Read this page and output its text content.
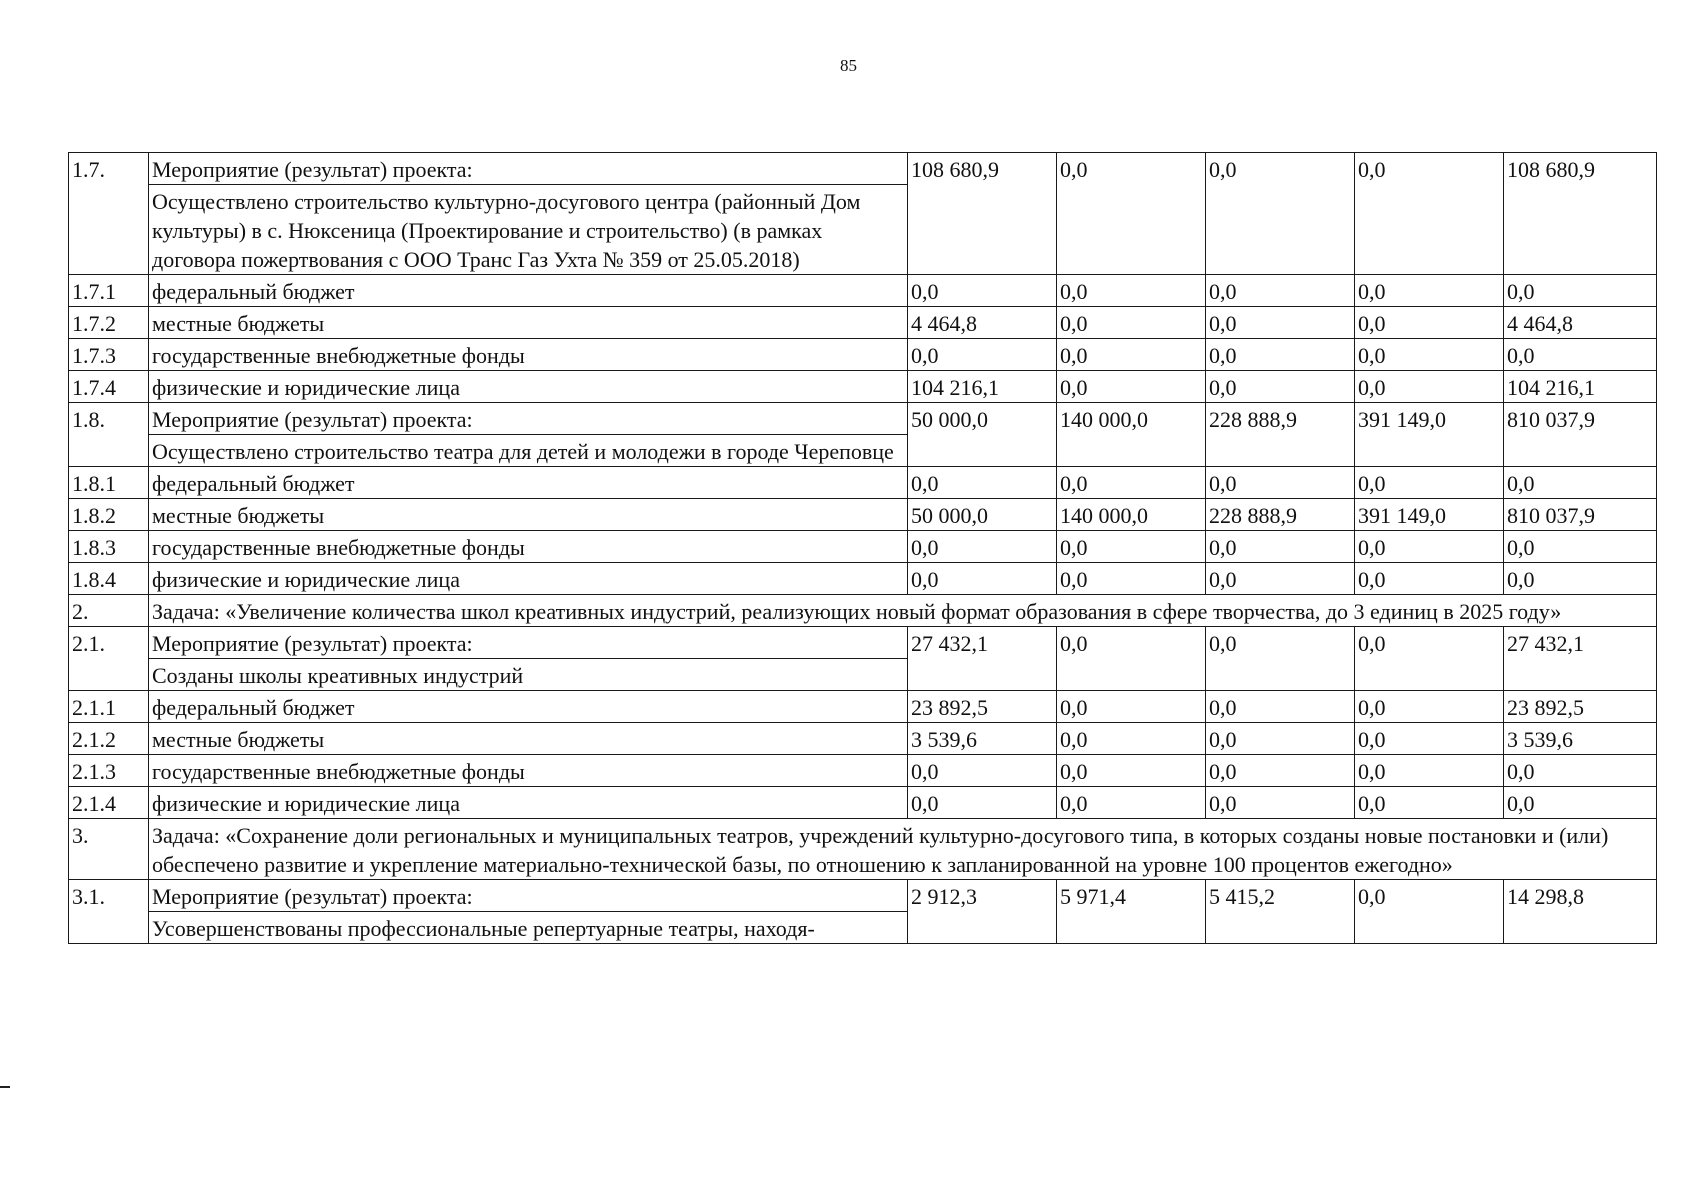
85
1.7.	Мероприятие (результат) проекта:	108 680,9	0,0	0,0	0,0	108 680,9
	Осуществлено строительство культурно-досугового центра (районный Дом культуры) в с. Нюксеница (Проектирование и строительство) (в рамках договора пожертвования с ООО Транс Газ Ухта № 359 от 25.05.2018)					
1.7.1	федеральный бюджет	0,0	0,0	0,0	0,0	0,0
1.7.2	местные бюджеты	4 464,8	0,0	0,0	0,0	4 464,8
1.7.3	государственные внебюджетные фонды	0,0	0,0	0,0	0,0	0,0
1.7.4	физические и юридические лица	104 216,1	0,0	0,0	0,0	104 216,1
1.8.	Мероприятие (результат) проекта:	50 000,0	140 000,0	228 888,9	391 149,0	810 037,9
	Осуществлено строительство театра для детей и молодежи в городе Череповце					
1.8.1	федеральный бюджет	0,0	0,0	0,0	0,0	0,0
1.8.2	местные бюджеты	50 000,0	140 000,0	228 888,9	391 149,0	810 037,9
1.8.3	государственные внебюджетные фонды	0,0	0,0	0,0	0,0	0,0
1.8.4	физические и юридические лица	0,0	0,0	0,0	0,0	0,0
2.	Задача: «Увеличение количества школ креативных индустрий, реализующих новый формат образования в сфере творчества, до 3 единиц в 2025 году»					
2.1.	Мероприятие (результат) проекта:	27 432,1	0,0	0,0	0,0	27 432,1
	Созданы школы креативных индустрий					
2.1.1	федеральный бюджет	23 892,5	0,0	0,0	0,0	23 892,5
2.1.2	местные бюджеты	3 539,6	0,0	0,0	0,0	3 539,6
2.1.3	государственные внебюджетные фонды	0,0	0,0	0,0	0,0	0,0
2.1.4	физические и юридические лица	0,0	0,0	0,0	0,0	0,0
3.	Задача: «Сохранение доли региональных и муниципальных театров, учреждений культурно-досугового типа, в которых созданы новые постановки и (или) обеспечено развитие и укрепление материально-технической базы, по отношению к запланированной на уровне 100 процентов ежегодно»					
3.1.	Мероприятие (результат) проекта:	2 912,3	5 971,4	5 415,2	0,0	14 298,8
	Усовершенствованы профессиональные репертуарные театры, находя-					
